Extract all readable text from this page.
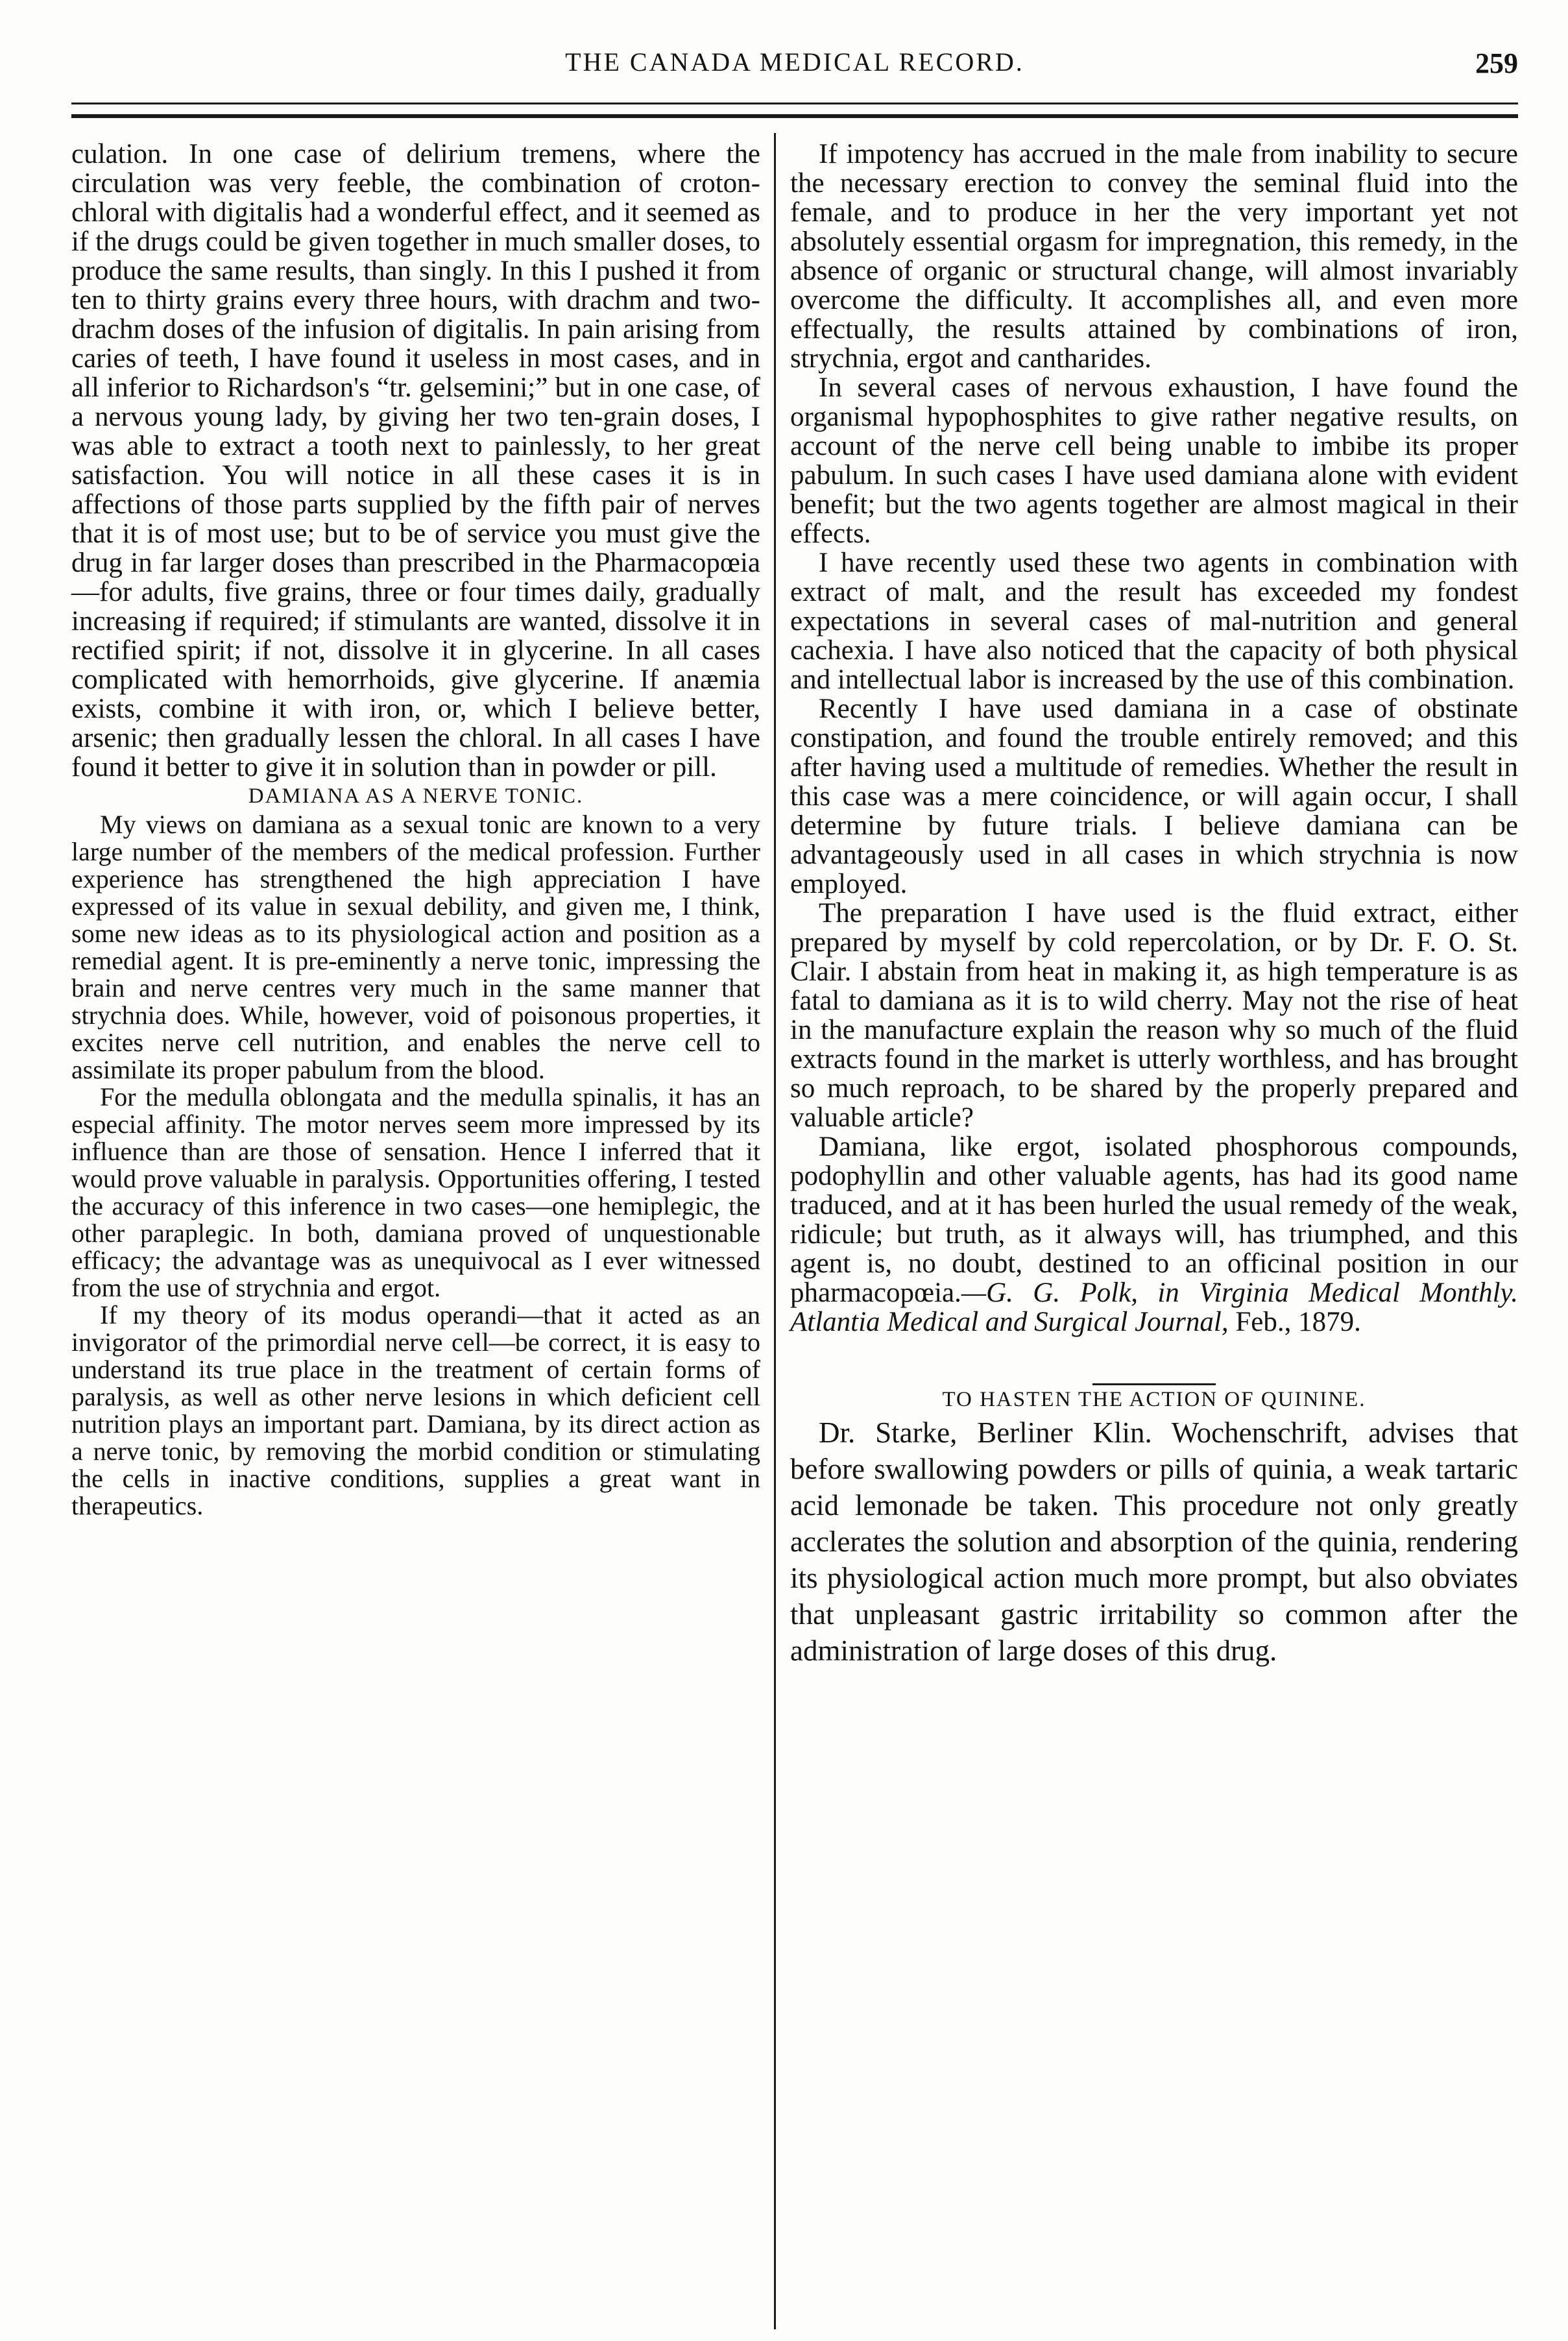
THE CANADA MEDICAL RECORD.	259

culation. In one case of delirium tremens, where the circulation was very feeble, the combination of croton-chloral with digitalis had a wonderful effect, and it seemed as if the drugs could be given together in much smaller doses, to produce the same results, than singly. In this I pushed it from ten to thirty grains every three hours, with drachm and two-drachm doses of the infusion of digitalis. In pain arising from caries of teeth, I have found it useless in most cases, and in all inferior to Richardson's “tr. gelsemini;” but in one case, of a nervous young lady, by giving her two ten-grain doses, I was able to extract a tooth next to painlessly, to her great satisfaction. You will notice in all these cases it is in affections of those parts supplied by the fifth pair of nerves that it is of most use; but to be of service you must give the drug in far larger doses than prescribed in the Pharmacopœia—for adults, five grains, three or four times daily, gradually increasing if required; if stimulants are wanted, dissolve it in rectified spirit; if not, dissolve it in glycerine. In all cases complicated with hemorrhoids, give glycerine. If anæmia exists, combine it with iron, or, which I believe better, arsenic; then gradually lessen the chloral. In all cases I have found it better to give it in solution than in powder or pill.

DAMIANA AS A NERVE TONIC.

My views on damiana as a sexual tonic are known to a very large number of the members of the medical profession. Further experience has strengthened the high appreciation I have expressed of its value in sexual debility, and given me, I think, some new ideas as to its physiological action and position as a remedial agent. It is pre-eminently a nerve tonic, impressing the brain and nerve centres very much in the same manner that strychnia does. While, however, void of poisonous properties, it excites nerve cell nutrition, and enables the nerve cell to assimilate its proper pabulum from the blood.

For the medulla oblongata and the medulla spinalis, it has an especial affinity. The motor nerves seem more impressed by its influence than are those of sensation. Hence I inferred that it would prove valuable in paralysis. Opportunities offering, I tested the accuracy of this inference in two cases—one hemiplegic, the other paraplegic. In both, damiana proved of unquestionable efficacy; the advantage was as unequivocal as I ever witnessed from the use of strychnia and ergot.

If my theory of its modus operandi—that it acted as an invigorator of the primordial nerve cell—be correct, it is easy to understand its true place in the treatment of certain forms of paralysis, as well as other nerve lesions in which deficient cell nutrition plays an important part. Damiana, by its direct action as a nerve tonic, by removing the morbid condition or stimulating the cells in inactive conditions, supplies a great want in therapeutics.

If impotency has accrued in the male from inability to secure the necessary erection to convey the seminal fluid into the female, and to produce in her the very important yet not absolutely essential orgasm for impregnation, this remedy, in the absence of organic or structural change, will almost invariably overcome the difficulty. It accomplishes all, and even more effectually, the results attained by combinations of iron, strychnia, ergot and cantharides.

In several cases of nervous exhaustion, I have found the organismal hypophosphites to give rather negative results, on account of the nerve cell being unable to imbibe its proper pabulum. In such cases I have used damiana alone with evident benefit; but the two agents together are almost magical in their effects.

I have recently used these two agents in combination with extract of malt, and the result has exceeded my fondest expectations in several cases of mal-nutrition and general cachexia. I have also noticed that the capacity of both physical and intellectual labor is increased by the use of this combination.

Recently I have used damiana in a case of obstinate constipation, and found the trouble entirely removed; and this after having used a multitude of remedies. Whether the result in this case was a mere coincidence, or will again occur, I shall determine by future trials. I believe damiana can be advantageously used in all cases in which strychnia is now employed.

The preparation I have used is the fluid extract, either prepared by myself by cold repercolation, or by Dr. F. O. St. Clair. I abstain from heat in making it, as high temperature is as fatal to damiana as it is to wild cherry. May not the rise of heat in the manufacture explain the reason why so much of the fluid extracts found in the market is utterly worthless, and has brought so much reproach, to be shared by the properly prepared and valuable article?

Damiana, like ergot, isolated phosphorous compounds, podophyllin and other valuable agents, has had its good name traduced, and at it has been hurled the usual remedy of the weak, ridicule; but truth, as it always will, has triumphed, and this agent is, no doubt, destined to an officinal position in our pharmacopœia.—G. G. Polk, in Virginia Medical Monthly. Atlantia Medical and Surgical Journal, Feb., 1879.

TO HASTEN THE ACTION OF QUININE.

Dr. Starke, Berliner Klin. Wochenschrift, advises that before swallowing powders or pills of quinia, a weak tartaric acid lemonade be taken. This procedure not only greatly acclerates the solution and absorption of the quinia, rendering its physiological action much more prompt, but also obviates that unpleasant gastric irritability so common after the administration of large doses of this drug.
